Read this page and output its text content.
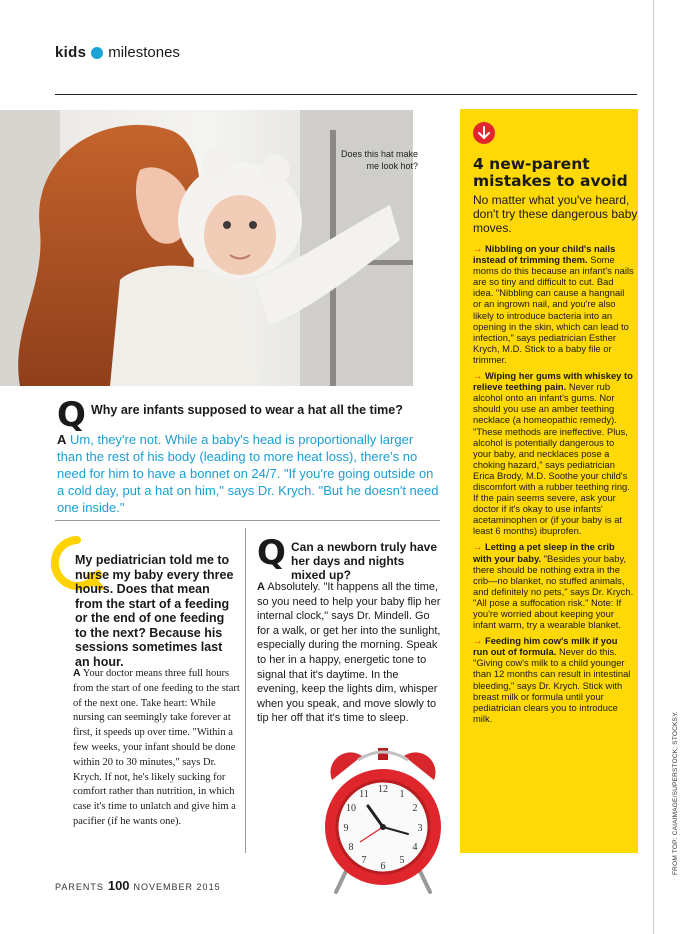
kids milestones
Does this hat make me look hot?
Q Why are infants supposed to wear a hat all the time?
A Um, they're not. While a baby's head is proportionally larger than the rest of his body (leading to more heat loss), there's no need for him to have a bonnet on 24/7. "If you're going outside on a cold day, put a hat on him," says Dr. Krych. "But he doesn't need one inside."
My pediatrician told me to nurse my baby every three hours. Does that mean from the start of a feeding or the end of one feeding to the next? Because his sessions sometimes last an hour.
A Your doctor means three full hours from the start of one feeding to the start of the next one. Take heart: While nursing can seemingly take forever at first, it speeds up over time. "Within a few weeks, your infant should be done within 20 to 30 minutes," says Dr. Krych. If not, he's likely sucking for comfort rather than nutrition, in which case it's time to unlatch and give him a pacifier (if he wants one).
Q Can a newborn truly have her days and nights mixed up?
A Absolutely. "It happens all the time, so you need to help your baby flip her internal clock," says Dr. Mindell. Go for a walk, or get her into the sunlight, especially during the morning. Speak to her in a happy, energetic tone to signal that it's daytime. In the evening, keep the lights dim, whisper when you speak, and move slowly to tip her off that it's time to sleep.
12 1
2
3
4
5
6
7
8
9
10
11
4 new-parent mistakes to avoid
No matter what you've heard, don't try these dangerous baby moves.
→ Nibbling on your child's nails instead of trimming them. Some moms do this because an infant's nails are so tiny and difficult to cut. Bad idea. "Nibbling can cause a hangnail or an ingrown nail, and you're also likely to introduce bacteria into an opening in the skin, which can lead to infection," says pediatrician Esther Krych, M.D. Stick to a baby file or trimmer.
→ Wiping her gums with whiskey to relieve teething pain. Never rub alcohol onto an infant's gums. Nor should you use an amber teething necklace (a homeopathic remedy). "These methods are ineffective. Plus, alcohol is potentially dangerous to your baby, and necklaces pose a choking hazard," says pediatrician Erica Brody, M.D. Soothe your child's discomfort with a rubber teething ring. If the pain seems severe, ask your doctor if it's okay to use infants' acetaminophen or (if your baby is at least 6 months) ibuprofen.
→ Letting a pet sleep in the crib with your baby. "Besides your baby, there should be nothing extra in the crib—no blanket, no stuffed animals, and definitely no pets," says Dr. Krych. "All pose a suffocation risk." Note: If you're worried about keeping your infant warm, try a wearable blanket.
→ Feeding him cow's milk if you run out of formula. Never do this. "Giving cow's milk to a child younger than 12 months can result in intestinal bleeding," says Dr. Krych. Stick with breast milk or formula until your pediatrician clears you to introduce milk.	FROM TOP: CAIAIMAGE/SUPERSTOCK; STOCKSY.
PARENTS 100 NOVEMBER 2015
